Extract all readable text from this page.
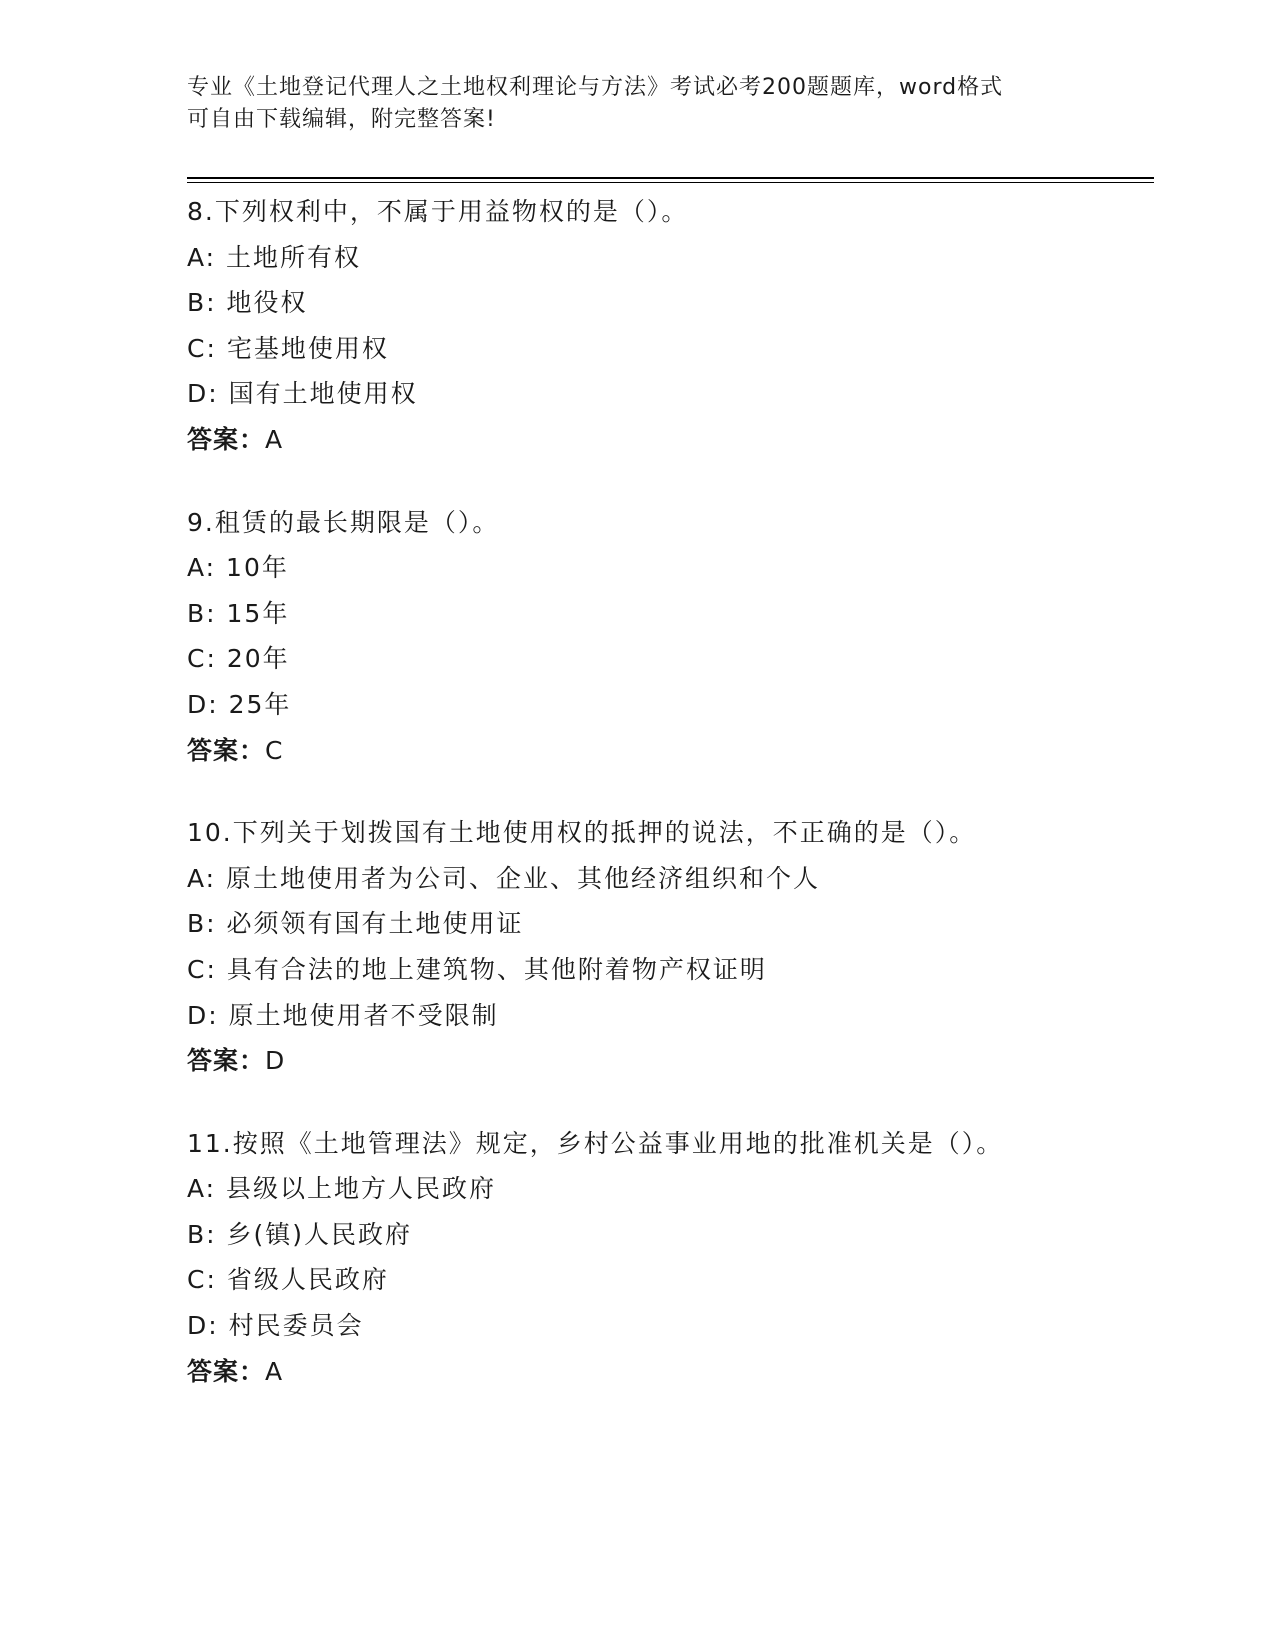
专业《土地登记代理人之土地权利理论与方法》考试必考200题题库，word格式

可自由下载编辑，附完整答案!

8.下列权利中，不属于用益物权的是（）。
A: 土地所有权
B: 地役权
C: 宅基地使用权
D: 国有土地使用权
答案：A
9.租赁的最长期限是（）。
A: 10年
B: 15年
C: 20年
D: 25年
答案：C
10.下列关于划拨国有土地使用权的抵押的说法，不正确的是（）。
A: 原土地使用者为公司、企业、其他经济组织和个人
B: 必须领有国有土地使用证
C: 具有合法的地上建筑物、其他附着物产权证明
D: 原土地使用者不受限制
答案：D
11.按照《土地管理法》规定，乡村公益事业用地的批准机关是（）。
A: 县级以上地方人民政府
B: 乡(镇)人民政府
C: 省级人民政府
D: 村民委员会
答案：A
